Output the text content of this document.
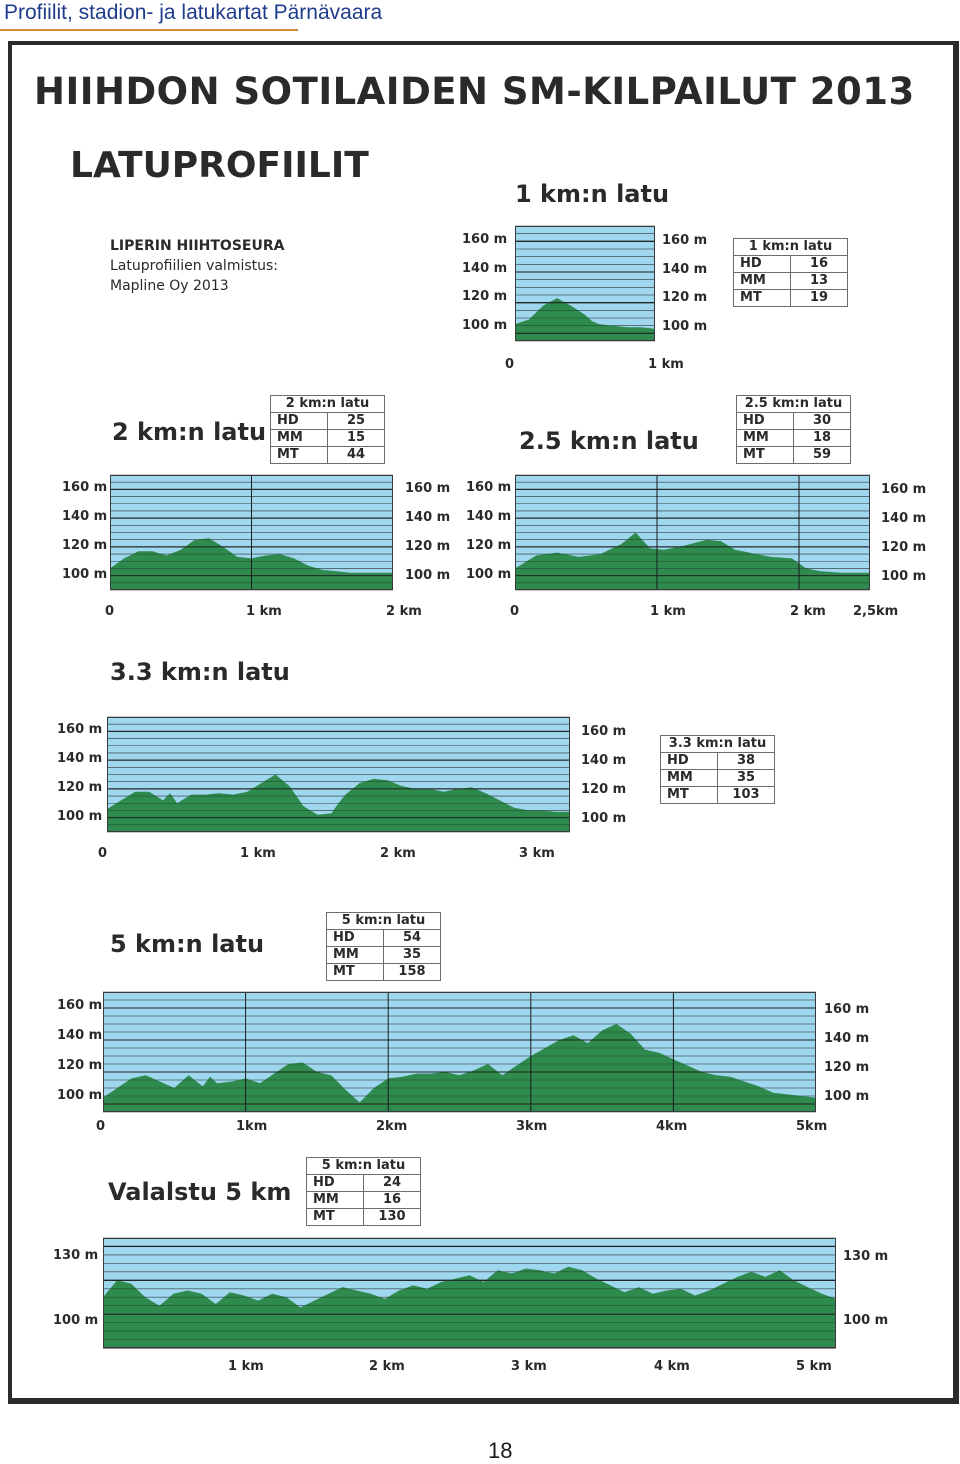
Profiilit, stadion- ja latukartat Pärnävaara
HIIHDON SOTILAIDEN SM-KILPAILUT 2013
LATUPROFIILIT
LIPERIN HIIHTOSEURA
Latuprofiilien valmistus:
Mapline Oy 2013
1 km:n latu
1 km:n latu	
HD	16
MM	13
MT	19
160 m	160 m
140 m	140 m
120 m	120 m
100 m	100 m
0	1 km
2 km:n latu
2 km:n latu	
HD	25
MM	15
MT	44
160 m	160 m
140 m	140 m
120 m	120 m
100 m	100 m
0	1 km	2 km
2.5 km:n latu
2.5 km:n latu	
HD	30
MM	18
MT	59
160 m	160 m
140 m	140 m
120 m	120 m
100 m	100 m
0	1 km	2 km 2,5km
3.3 km:n latu
3.3 km:n latu	
HD	38
MM	35
MT	103
160 m	160 m
140 m	140 m
120 m	120 m
100 m	100 m
0	1 km	2 km	3 km
5 km:n latu
5 km:n latu	
HD	54
MM	35
MT	158
160 m	160 m
140 m	140 m
120 m	120 m
100 m	100 m
0	1km	2km	3km	4km	5km
Valalstu 5 km
5 km:n latu	
HD	24
MM	16
MT	130
130 m	130 m
100 m	100 m
1 km	2 km	3 km	4 km	5 km
18
